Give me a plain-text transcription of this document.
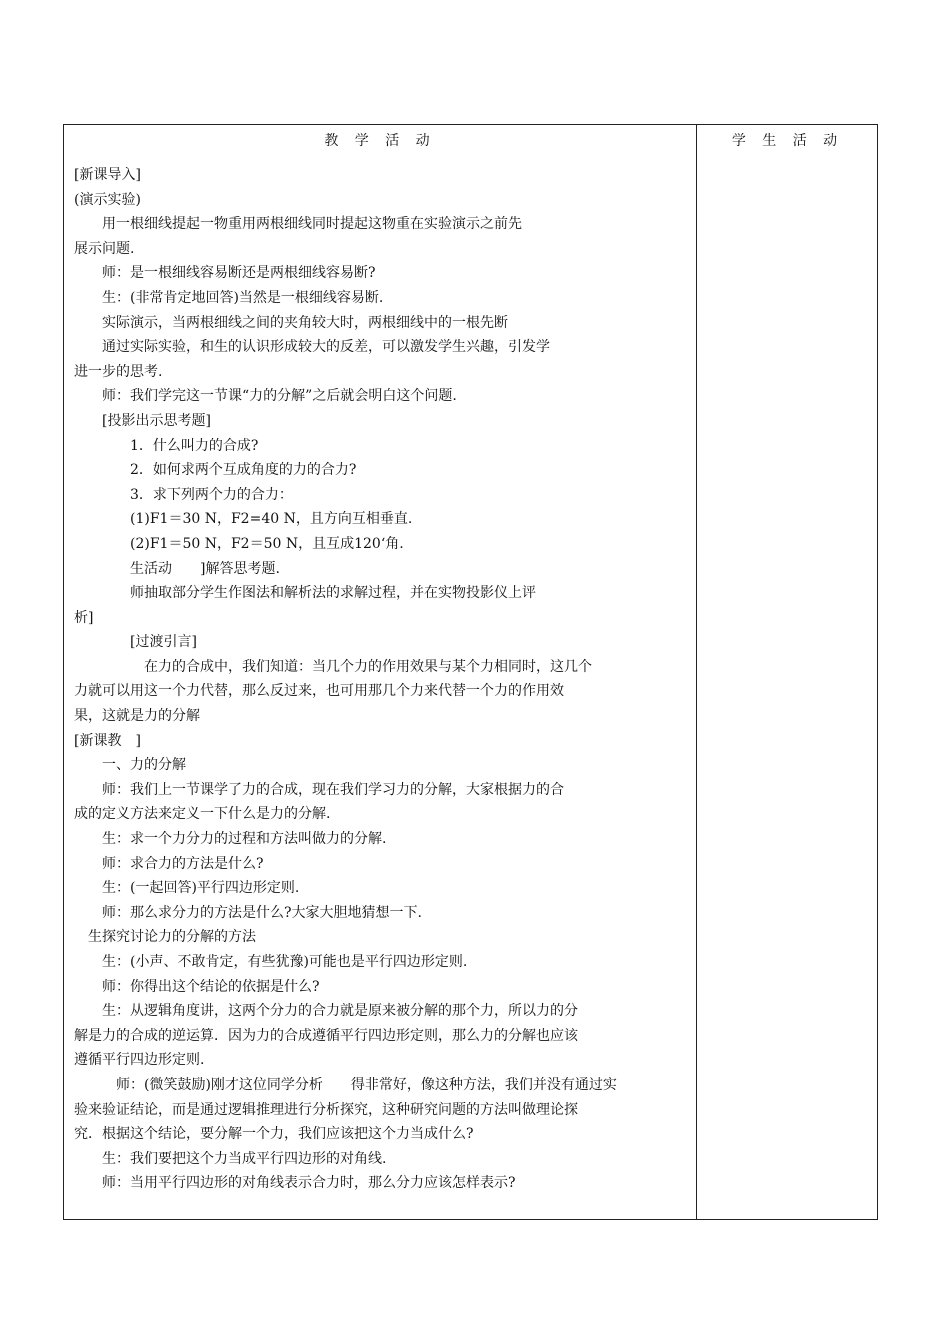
教 学 活 动	学 生 活 动
[新课导入]
(演示实验)
用一根细线提起一物重用两根细线同时提起这物重在实验演示之前先
展示问题.
师：是一根细线容易断还是两根细线容易断?
生：(非常肯定地回答)当然是一根细线容易断.
实际演示，当两根细线之间的夹角较大时，两根细线中的一根先断
通过实际实验，和生的认识形成较大的反差，可以激发学生兴趣，引发学
进一步的思考.
师：我们学完这一节课“力的分解”之后就会明白这个问题.
[投影出示思考题]
1．什么叫力的合成?
2．如何求两个互成角度的力的合力?
3．求下列两个力的合力：
(1)F1＝30 N，F2=40 N，且方向互相垂直.
(2)F1＝50 N，F2＝50 N，且互成120‘角.
生活动　　]解答思考题.
师抽取部分学生作图法和解析法的求解过程，并在实物投影仪上评
析]
[过渡引言]
在力的合成中，我们知道：当几个力的作用效果与某个力相同时，这几个
力就可以用这一个力代替，那么反过来，也可用那几个力来代替一个力的作用效
果，这就是力的分解
[新课教　]
一、力的分解
师：我们上一节课学了力的合成，现在我们学习力的分解，大家根据力的合
成的定义方法来定义一下什么是力的分解.
生：求一个力分力的过程和方法叫做力的分解.
师：求合力的方法是什么?
生：(一起回答)平行四边形定则.
师：那么求分力的方法是什么?大家大胆地猜想一下.
生探究讨论力的分解的方法
生：(小声、不敢肯定，有些犹豫)可能也是平行四边形定则.
师：你得出这个结论的依据是什么?
生：从逻辑角度讲，这两个分力的合力就是原来被分解的那个力，所以力的分
解是力的合成的逆运算．因为力的合成遵循平行四边形定则，那么力的分解也应该
遵循平行四边形定则.
师：(微笑鼓励)刚才这位同学分析　　得非常好，像这种方法，我们并没有通过实
验来验证结论，而是通过逻辑推理进行分析探究，这种研究问题的方法叫做理论探
究．根据这个结论，要分解一个力，我们应该把这个力当成什么?
生：我们要把这个力当成平行四边形的对角线.
师：当用平行四边形的对角线表示合力时，那么分力应该怎样表示?
